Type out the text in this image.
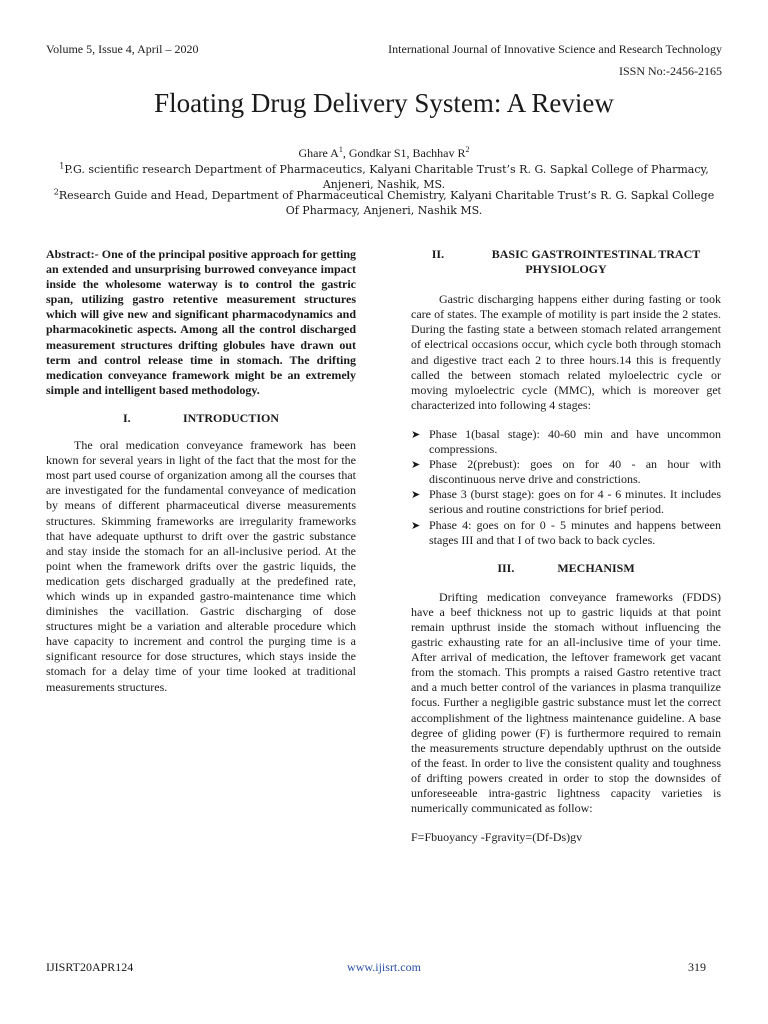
Volume 5, Issue 4, April – 2020	International Journal of Innovative Science and Research Technology
ISSN No:-2456-2165
Floating Drug Delivery System: A Review
Ghare $A^1$, Gondkar S1, Bachhav $R^2$
$^1$P.G. scientific research Department of Pharmaceutics, Kalyani Charitable Trust’s R. G. Sapkal College of Pharmacy, Anjeneri, Nashik, MS.
$^2$Research Guide and Head, Department of Pharmaceutical Chemistry, Kalyani Charitable Trust’s R. G. Sapkal College Of Pharmacy, Anjeneri, Nashik MS.

Abstract:- One of the principal positive approach for getting an extended and unsurprising burrowed conveyance impact inside the wholesome waterway is to control the gastric span, utilizing gastro retentive measurement structures which will give new and significant pharmacodynamics and pharmacokinetic aspects. Among all the control discharged measurement structures drifting globules have drawn out term and control release time in stomach. The drifting medication conveyance framework might be an extremely simple and intelligent based methodology.

I.	INTRODUCTION

The oral medication conveyance framework has been known for several years in light of the fact that the most for the most part used course of organization among all the courses that are investigated for the fundamental conveyance of medication by means of different pharmaceutical diverse measurements structures. Skimming frameworks are irregularity frameworks that have adequate upthurst to drift over the gastric substance and stay inside the stomach for an all-inclusive period. At the point when the framework drifts over the gastric liquids, the medication gets discharged gradually at the predefined rate, which winds up in expanded gastro-maintenance time which diminishes the vacillation. Gastric discharging of dose structures might be a variation and alterable procedure which have capacity to increment and control the purging time is a significant resource for dose structures, which stays inside the stomach for a delay time of your time looked at traditional measurements structures.

II.	BASIC GASTROINTESTINAL TRACT PHYSIOLOGY

Gastric discharging happens either during fasting or took care of states. The example of motility is part inside the 2 states. During the fasting state a between stomach related arrangement of electrical occasions occur, which cycle both through stomach and digestive tract each 2 to three hours.14 this is frequently called the between stomach related myloelectric cycle or moving myloelectric cycle (MMC), which is moreover get characterized into following 4 stages:

➤ Phase 1(basal stage): 40-60 min and have uncommon compressions.
➤ Phase 2(prebust): goes on for 40 - an hour with discontinuous nerve drive and constrictions.
➤ Phase 3 (burst stage): goes on for 4 - 6 minutes. It includes serious and routine constrictions for brief period.
➤ Phase 4: goes on for 0 - 5 minutes and happens between stages III and that I of two back to back cycles.

III.	MECHANISM

Drifting medication conveyance frameworks (FDDS) have a beef thickness not up to gastric liquids at that point remain upthrust inside the stomach without influencing the gastric exhausting rate for an all-inclusive time of your time. After arrival of medication, the leftover framework get vacant from the stomach. This prompts a raised Gastro retentive tract and a much better control of the variances in plasma tranquilize focus. Further a negligible gastric substance must let the correct accomplishment of the lightness maintenance guideline. A base degree of gliding power (F) is furthermore required to remain the measurements structure dependably upthrust on the outside of the feast. In order to live the consistent quality and toughness of drifting powers created in order to stop the downsides of unforeseeable intra-gastric lightness capacity varieties is numerically communicated as follow:

F=Fbuoyancy -Fgravity=(Df-Ds)gv

IJISRT20APR124	www.ijisrt.com	319
